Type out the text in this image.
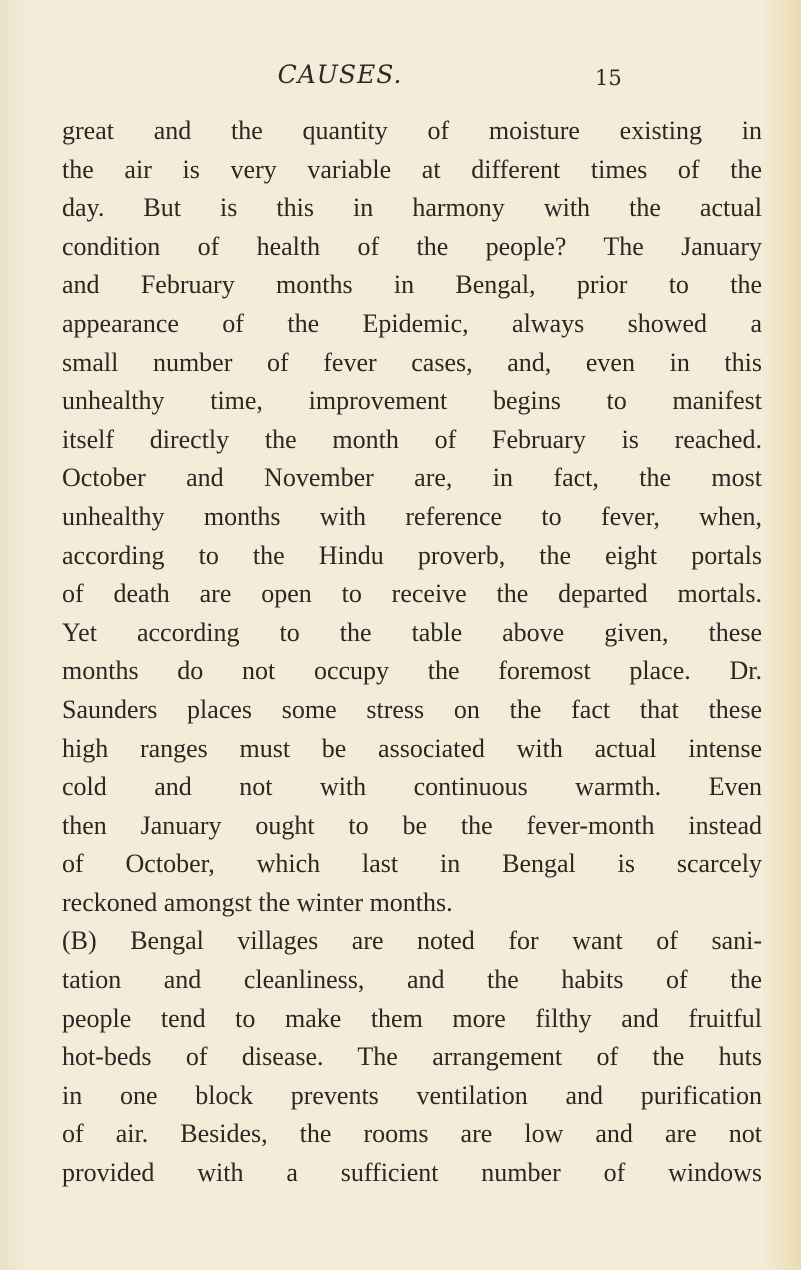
CAUSES.	15
great and the quantity of moisture existing in
the air is very variable at different times of the
day. But is this in harmony with the actual
condition of health of the people? The January
and February months in Bengal, prior to the
appearance of the Epidemic, always showed a
small number of fever cases, and, even in this
unhealthy time, improvement begins to manifest
itself directly the month of February is reached.
October and November are, in fact, the most
unhealthy months with reference to fever, when,
according to the Hindu proverb, the eight portals
of death are open to receive the departed mortals.
Yet according to the table above given, these
months do not occupy the foremost place. Dr.
Saunders places some stress on the fact that these
high ranges must be associated with actual intense
cold and not with continuous warmth. Even
then January ought to be the fever-month instead
of October, which last in Bengal is scarcely
reckoned amongst the winter months.
(B) Bengal villages are noted for want of sani-
tation and cleanliness, and the habits of the
people tend to make them more filthy and fruitful
hot-beds of disease. The arrangement of the huts
in one block prevents ventilation and purification
of air. Besides, the rooms are low and are not
provided with a sufficient number of windows
